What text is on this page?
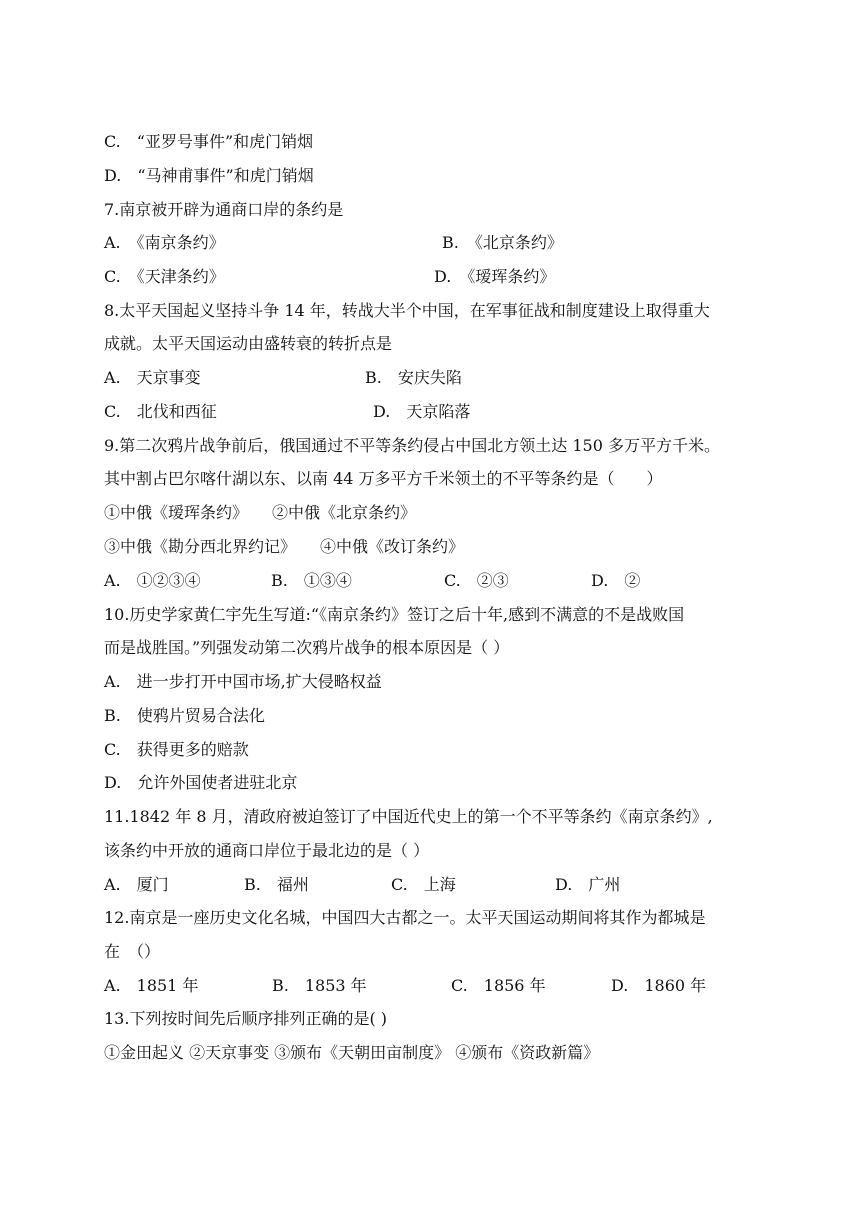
C.　“亚罗号事件”和虎门销烟
D.　“马神甫事件”和虎门销烟
7.南京被开辟为通商口岸的条约是
A.　《南京条约》	B.　《北京条约》
C.　《天津条约》	D.　《瑷珲条约》
8.太平天国起义坚持斗争 14 年，转战大半个中国，在军事征战和制度建设上取得重大
成就。太平天国运动由盛转衰的转折点是
A.　天京事变	B.　安庆失陷
C.　北伐和西征	D.　天京陷落
9.第二次鸦片战争前后，俄国通过不平等条约侵占中国北方领土达 150 多万平方千米。
其中割占巴尔喀什湖以东、以南 44 万多平方千米领土的不平等条约是（　　）
①中俄《瑷珲条约》　　②中俄《北京条约》
③中俄《勘分西北界约记》　　④中俄《改订条约》
A.　①②③④	B.　①③④	C.　②③	D.　②
10.历史学家黄仁宇先生写道:“《南京条约》签订之后十年,感到不满意的不是战败国
而是战胜国。”列强发动第二次鸦片战争的根本原因是（ ）
A.　进一步打开中国市场,扩大侵略权益
B.　使鸦片贸易合法化
C.　获得更多的赔款
D.　允许外国使者进驻北京
11.1842 年 8 月，清政府被迫签订了中国近代史上的第一个不平等条约《南京条约》,
该条约中开放的通商口岸位于最北边的是（ ）
A.　厦门	B.　福州	C.　上海	D.　广州
12.南京是一座历史文化名城，中国四大古都之一。太平天国运动期间将其作为都城是
在　（）
A.　1851 年	B.　1853 年	C.　1856 年	D.　1860 年
13.下列按时间先后顺序排列正确的是( )
①金田起义 ②天京事变 ③颁布《天朝田亩制度》 ④颁布《资政新篇》
